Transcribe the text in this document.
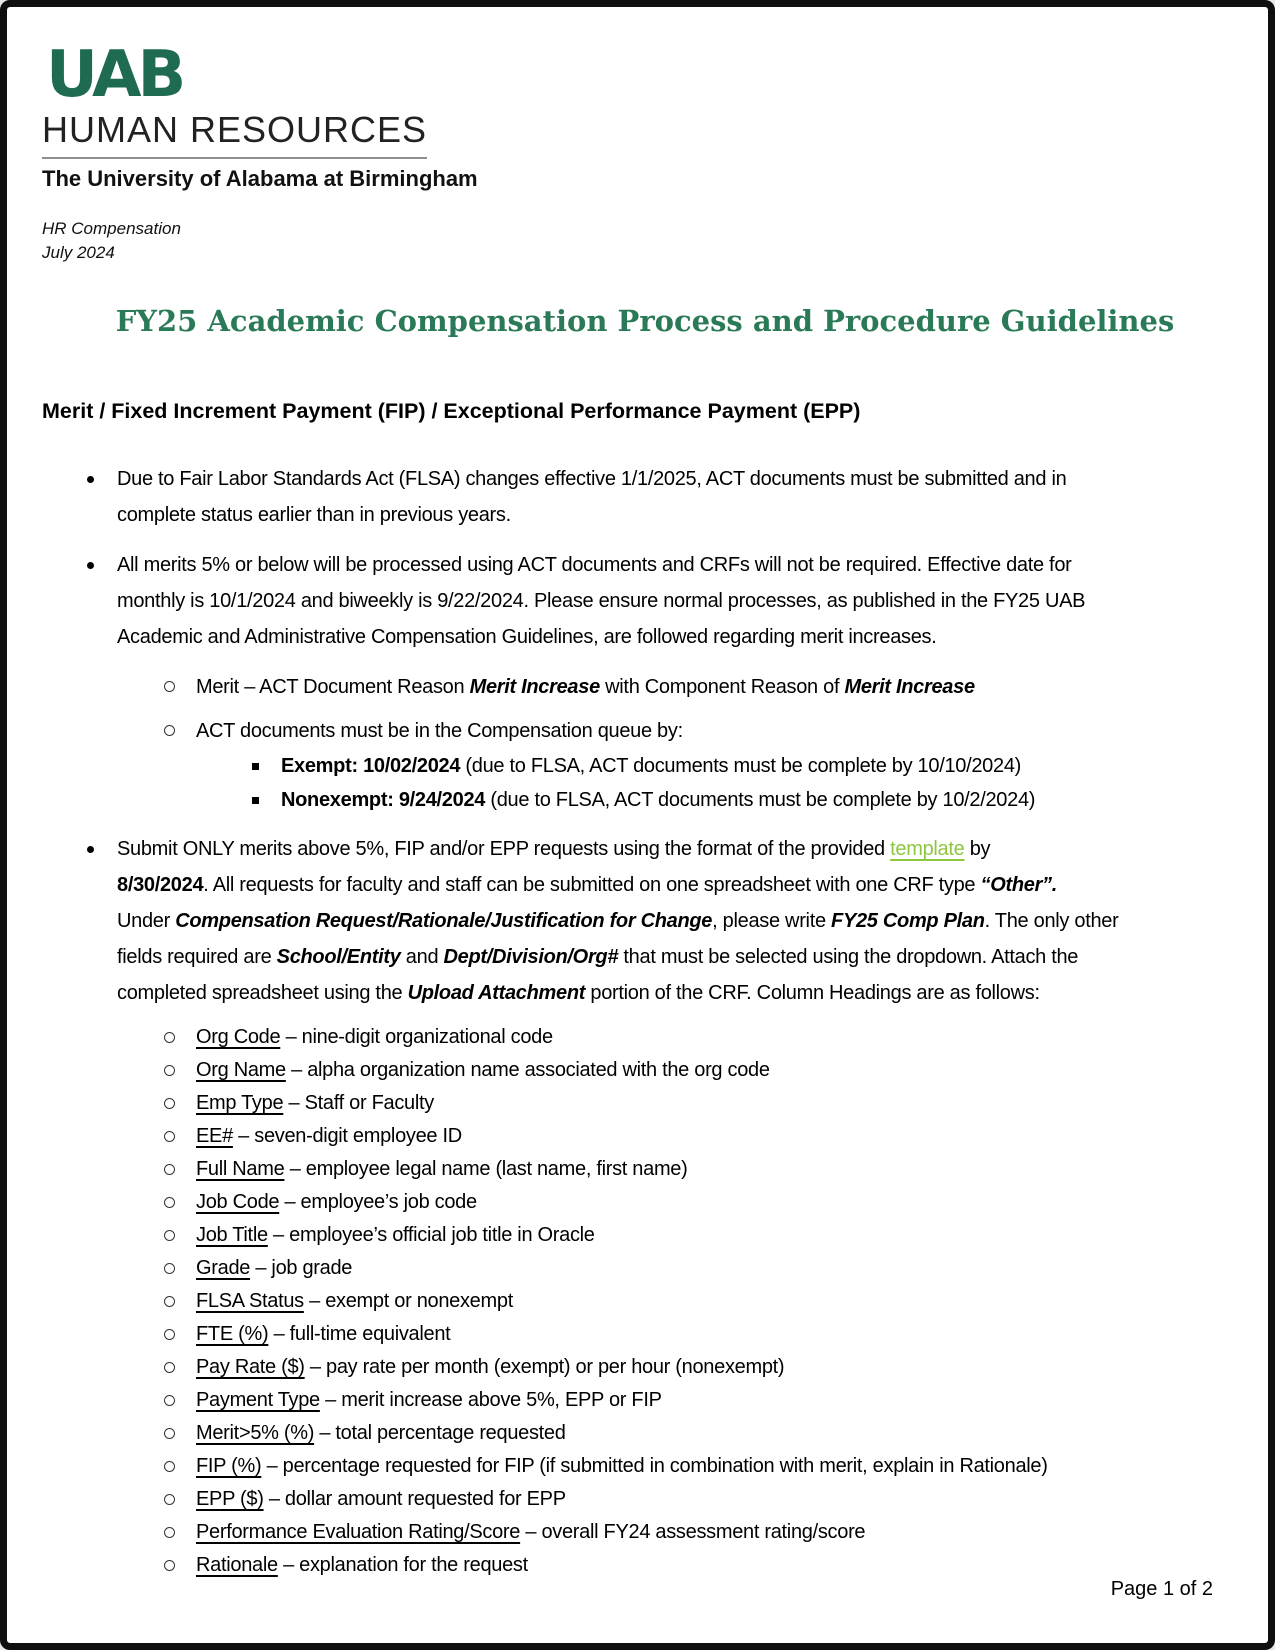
UAB
HUMAN RESOURCES
The University of Alabama at Birmingham
HR Compensation
July 2024
FY25 Academic Compensation Process and Procedure Guidelines
Merit / Fixed Increment Payment (FIP) / Exceptional Performance Payment (EPP)
Due to Fair Labor Standards Act (FLSA) changes effective 1/1/2025, ACT documents must be submitted and in
complete status earlier than in previous years.
All merits 5% or below will be processed using ACT documents and CRFs will not be required. Effective date for
monthly is 10/1/2024 and biweekly is 9/22/2024. Please ensure normal processes, as published in the FY25 UAB
Academic and Administrative Compensation Guidelines, are followed regarding merit increases.
Merit – ACT Document Reason Merit Increase with Component Reason of Merit Increase
ACT documents must be in the Compensation queue by:
Exempt: 10/02/2024 (due to FLSA, ACT documents must be complete by 10/10/2024)
Nonexempt: 9/24/2024 (due to FLSA, ACT documents must be complete by 10/2/2024)
Submit ONLY merits above 5%, FIP and/or EPP requests using the format of the provided template by
8/30/2024. All requests for faculty and staff can be submitted on one spreadsheet with one CRF type “Other”.
Under Compensation Request/Rationale/Justification for Change, please write FY25 Comp Plan. The only other
fields required are School/Entity and Dept/Division/Org# that must be selected using the dropdown. Attach the
completed spreadsheet using the Upload Attachment portion of the CRF. Column Headings are as follows:
Org Code – nine-digit organizational code
Org Name – alpha organization name associated with the org code
Emp Type – Staff or Faculty
EE# – seven-digit employee ID
Full Name – employee legal name (last name, first name)
Job Code – employee’s job code
Job Title – employee’s official job title in Oracle
Grade – job grade
FLSA Status – exempt or nonexempt
FTE (%) – full-time equivalent
Pay Rate ($) – pay rate per month (exempt) or per hour (nonexempt)
Payment Type – merit increase above 5%, EPP or FIP
Merit>5% (%) – total percentage requested
FIP (%) – percentage requested for FIP (if submitted in combination with merit, explain in Rationale)
EPP ($) – dollar amount requested for EPP
Performance Evaluation Rating/Score – overall FY24 assessment rating/score
Rationale – explanation for the request
Page 1 of 2
